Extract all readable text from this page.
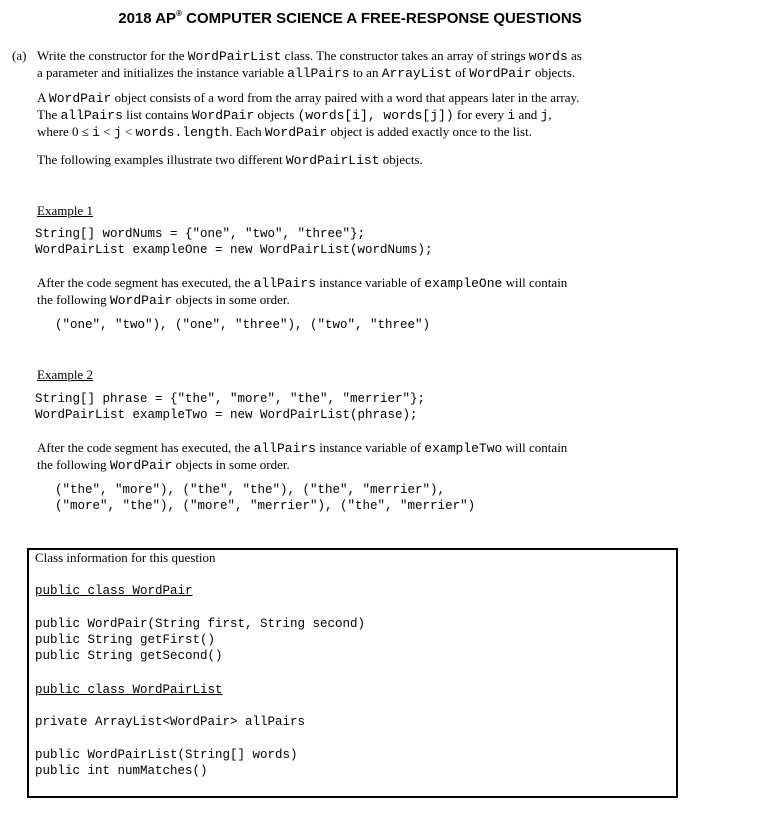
2018 AP® COMPUTER SCIENCE A FREE-RESPONSE QUESTIONS
(a) Write the constructor for the WordPairList class. The constructor takes an array of strings words as
a parameter and initializes the instance variable allPairs to an ArrayList of WordPair objects.
A WordPair object consists of a word from the array paired with a word that appears later in the array.
The allPairs list contains WordPair objects (words[i], words[j]) for every i and j,
where 0 ≤ i < j < words.length. Each WordPair object is added exactly once to the list.
The following examples illustrate two different WordPairList objects.
Example 1
String[] wordNums = {"one", "two", "three"};
WordPairList exampleOne = new WordPairList(wordNums);
After the code segment has executed, the allPairs instance variable of exampleOne will contain
the following WordPair objects in some order.
("one", "two"), ("one", "three"), ("two", "three")
Example 2
String[] phrase = {"the", "more", "the", "merrier"};
WordPairList exampleTwo = new WordPairList(phrase);
After the code segment has executed, the allPairs instance variable of exampleTwo will contain
the following WordPair objects in some order.
("the", "more"), ("the", "the"), ("the", "merrier"),
("more", "the"), ("more", "merrier"), ("the", "merrier")
Class information for this question
public class WordPair
public WordPair(String first, String second)
public String getFirst()
public String getSecond()
public class WordPairList
private ArrayList<WordPair> allPairs
public WordPairList(String[] words)
public int numMatches()
